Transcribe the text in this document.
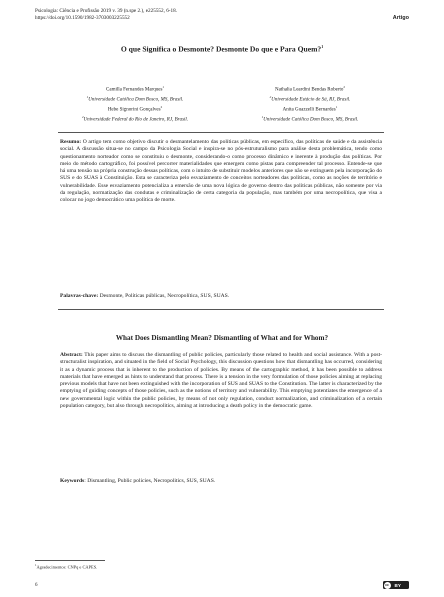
Psicologia: Ciência e Profissão 2019 v. 39 (n.spe 2.), e225552, 6-18.
https://doi.org/10.1590/1982-3703003225552	Artigo
O que Significa o Desmonte? Desmonte Do que e Para Quem?$^1$
Camilla Fernandes Marques$^1$
$^1$Universidade Católica Dom Bosco, MS, Brasil.
Hebe Signorini Gonçalves$^2$
$^2$Universidade Federal do Rio de Janeiro, RJ, Brasil.
Nathalia Leardini Bendas Roberto$^2$
$^2$Universidade Estácio de Sá, RJ, Brasil.
Anita Guazzelli Bernardes$^1$
$^1$Universidade Católica Dom Bosco, MS, Brasil.
Resumo: O artigo tem como objetivo discutir o desmantelamento das políticas públicas, em específico, das políticas de saúde e da assistência social. A discussão situa-se no campo da Psicologia Social e inspira-se no pós-estruturalismo para análise desta problemática, tendo como questionamento norteador como se constituiu o desmonte, considerando-o como processo dinâmico e inerente à produção das políticas. Por meio do método cartográfico, foi possível percorrer materialidades que emergem como pistas para compreender tal processo. Entende-se que há uma tensão na própria construção dessas políticas, com o intuito de substituir modelos anteriores que não se extinguem pela incorporação do SUS e do SUAS à Constituição. Esta se caracteriza pelo esvaziamento de conceitos norteadores das políticas, como as noções de território e vulnerabilidade. Esse esvaziamento potencializa a emersão de uma nova lógica de governo dentro das políticas públicas, não somente por via da regulação, normatização das condutas e criminalização de certa categoria da população, mas também por uma necropolítica, que visa a colocar no jogo democrático uma política de morte.
Palavras-chave: Desmonte, Políticas públicas, Necropolítica, SUS, SUAS.
What Does Dismantling Mean? Dismantling of What and for Whom?
Abstract: This paper aims to discuss the dismantling of public policies, particularly those related to health and social assistance. With a post-structuralist inspiration, and situated in the field of Social Psychology, this discussion questions how that dismantling has occurred, considering it as a dynamic process that is inherent to the production of policies. By means of the cartographic method, it has been possible to address materials that have emerged as hints to understand that process. There is a tension in the very formulation of those policies aiming at replacing previous models that have not been extinguished with the incorporation of SUS and SUAS to the Constitution. The latter is characterized by the emptying of guiding concepts of those policies, such as the notions of territory and vulnerability. This emptying potentiates the emergence of a new governmental logic within the public policies, by means of not only regulation, conduct normalization, and criminalization of a certain population category, but also through necropolitics, aiming at introducing a death policy in the democratic game.
Keywords: Dismantling, Public policies, Necropolitics, SUS, SUAS.
$^1$Agradecimentos: CNPq e CAPES.
6	cc	BY
